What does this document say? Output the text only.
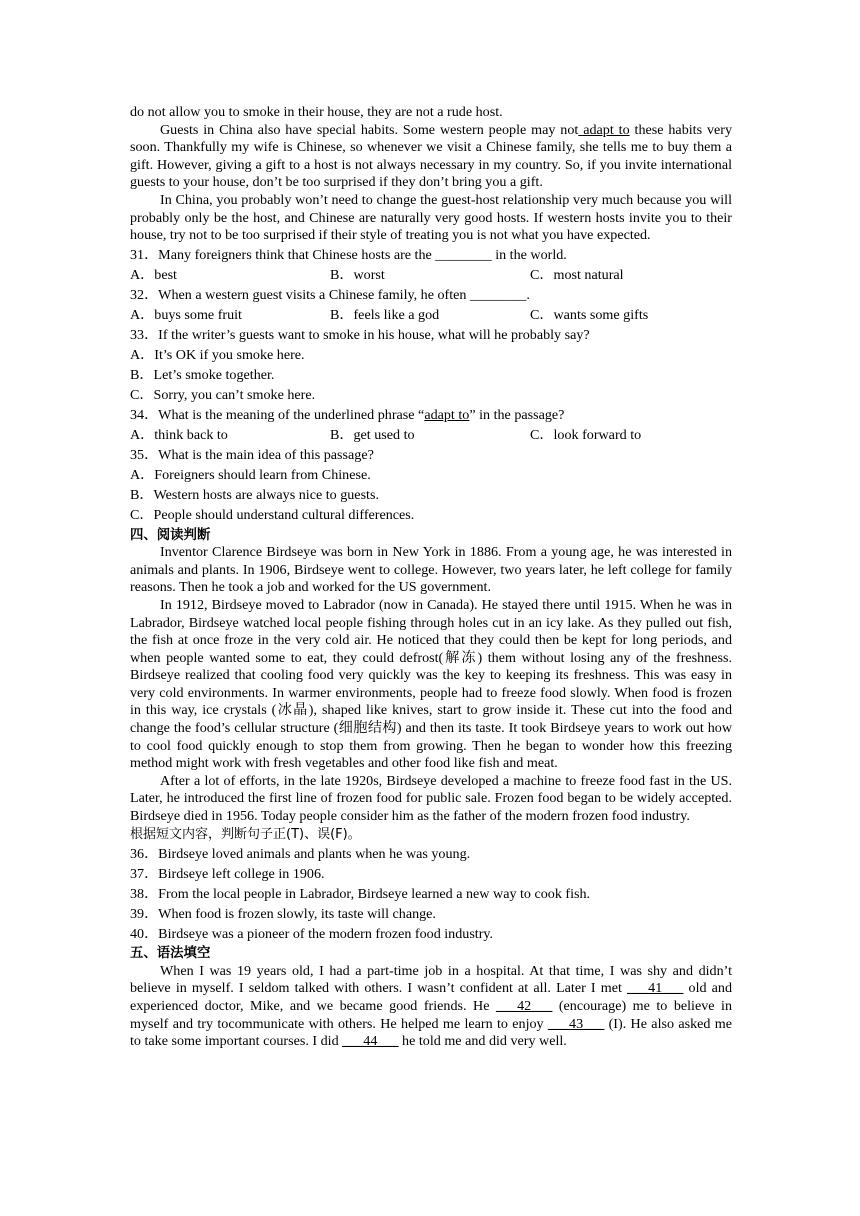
do not allow you to smoke in their house, they are not a rude host.

Guests in China also have special habits. Some western people may not adapt to these habits very soon. Thankfully my wife is Chinese, so whenever we visit a Chinese family, she tells me to buy them a gift. However, giving a gift to a host is not always necessary in my country. So, if you invite international guests to your house, don’t be too surprised if they don’t bring you a gift.

In China, you probably won’t need to change the guest-host relationship very much because you will probably only be the host, and Chinese are naturally very good hosts. If western hosts invite you to their house, try not to be too surprised if their style of treating you is not what you have expected.

31．Many foreigners think that Chinese hosts are the ________ in the world.

A．best	B．worst	C．most natural

32．When a western guest visits a Chinese family, he often ________.

A．buys some fruit	B．feels like a god	C．wants some gifts

33．If the writer’s guests want to smoke in his house, what will he probably say?

A．It’s OK if you smoke here.

B．Let’s smoke together.

C．Sorry, you can’t smoke here.

34．What is the meaning of the underlined phrase “adapt to” in the passage?

A．think back to	B．get used to	C．look forward to

35．What is the main idea of this passage?

A．Foreigners should learn from Chinese.

B．Western hosts are always nice to guests.

C．People should understand cultural differences.

四、阅读判断

Inventor Clarence Birdseye was born in New York in 1886. From a young age, he was interested in animals and plants. In 1906, Birdseye went to college. However, two years later, he left college for family reasons. Then he took a job and worked for the US government.

In 1912, Birdseye moved to Labrador (now in Canada). He stayed there until 1915. When he was in Labrador, Birdseye watched local people fishing through holes cut in an icy lake. As they pulled out fish, the fish at once froze in the very cold air. He noticed that they could then be kept for long periods, and when people wanted some to eat, they could defrost(解冻) them without losing any of the freshness. Birdseye realized that cooling food very quickly was the key to keeping its freshness. This was easy in very cold environments. In warmer environments, people had to freeze food slowly. When food is frozen in this way, ice crystals (冰晶), shaped like knives, start to grow inside it. These cut into the food and change the food’s cellular structure (细胞结构) and then its taste. It took Birdseye years to work out how to cool food quickly enough to stop them from growing. Then he began to wonder how this freezing method might work with fresh vegetables and other food like fish and meat.

After a lot of efforts, in the late 1920s, Birdseye developed a machine to freeze food fast in the US. Later, he introduced the first line of frozen food for public sale. Frozen food began to be widely accepted. Birdseye died in 1956. Today people consider him as the father of the modern frozen food industry.

根据短文内容，判断句子正(T)、误(F)。

36．Birdseye loved animals and plants when he was young.

37．Birdseye left college in 1906.

38．From the local people in Labrador, Birdseye learned a new way to cook fish.

39．When food is frozen slowly, its taste will change.

40．Birdseye was a pioneer of the modern frozen food industry.

五、语法填空

When I was 19 years old, I had a part-time job in a hospital. At that time, I was shy and didn’t believe in myself. I seldom talked with others. I wasn’t confident at all. Later I met ___41___ old and experienced doctor, Mike, and we became good friends. He ___42___ (encourage) me to believe in myself and try tocommunicate with others. He helped me learn to enjoy ___43___ (I). He also asked me to take some important courses. I did ___44___ he told me and did very well.
